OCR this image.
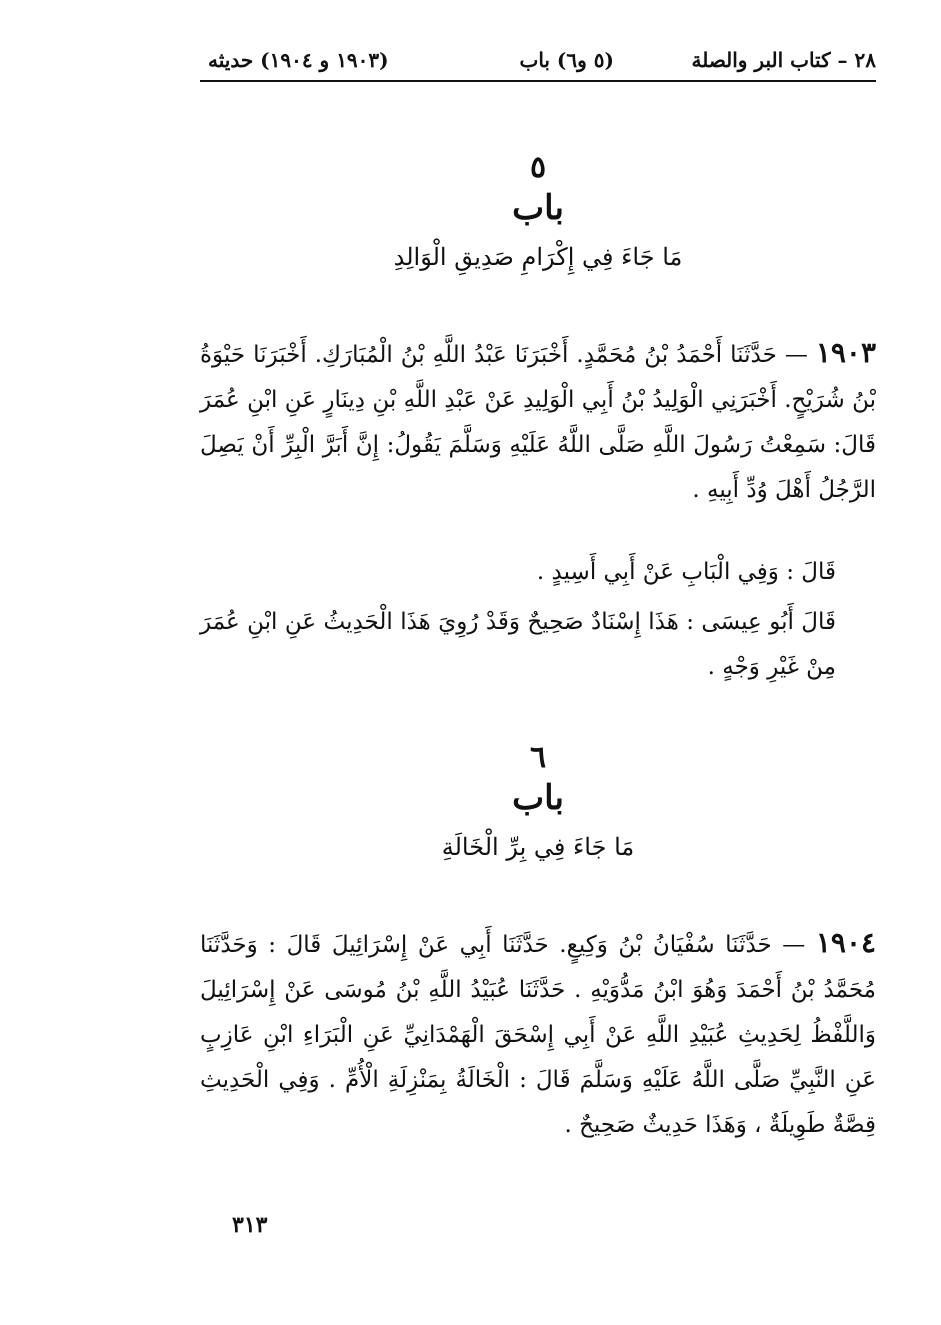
٢٨ – كتاب البر والصلة
(٥ و٦) باب
(١٩٠٣ و ١٩٠٤) حديثه
٥
باب
مَا جَاءَ فِي إِكْرَامِ صَدِيقِ الْوَالِدِ
١٩٠٣ — حَدَّثَنَا أَحْمَدُ بْنُ مُحَمَّدٍ. أَخْبَرَنَا عَبْدُ اللَّهِ بْنُ الْمُبَارَكِ. أَخْبَرَنَا حَيْوَةُ بْنُ شُرَيْحٍ. أَخْبَرَنِي الْوَلِيدُ بْنُ أَبِي الْوَلِيدِ عَنْ عَبْدِ اللَّهِ بْنِ دِينَارٍ عَنِ ابْنِ عُمَرَ قَالَ: سَمِعْتُ رَسُولَ اللَّهِ صَلَّى اللَّهُ عَلَيْهِ وَسَلَّمَ يَقُولُ: إِنَّ أَبَرَّ الْبِرِّ أَنْ يَصِلَ الرَّجُلُ أَهْلَ وُدِّ أَبِيهِ .
قَالَ : وَفِي الْبَابِ عَنْ أَبِي أَسِيدٍ .
قَالَ أَبُو عِيسَى : هَذَا إِسْنَادٌ صَحِيحٌ وَقَدْ رُوِيَ هَذَا الْحَدِيثُ عَنِ ابْنِ عُمَرَ مِنْ غَيْرِ وَجْهٍ .
٦
باب
مَا جَاءَ فِي بِرِّ الْخَالَةِ
١٩٠٤ — حَدَّثَنَا سُفْيَانُ بْنُ وَكِيعٍ. حَدَّثَنَا أَبِي عَنْ إِسْرَائِيلَ قَالَ : وَحَدَّثَنَا مُحَمَّدُ بْنُ أَحْمَدَ وَهُوَ ابْنُ مَدُّوَيْهِ . حَدَّثَنَا عُبَيْدُ اللَّهِ بْنُ مُوسَى عَنْ إِسْرَائِيلَ وَاللَّفْظُ لِحَدِيثِ عُبَيْدِ اللَّهِ عَنْ أَبِي إِسْحَقَ الْهَمْدَانِيِّ عَنِ الْبَرَاءِ ابْنِ عَازِبٍ عَنِ النَّبِيِّ صَلَّى اللَّهُ عَلَيْهِ وَسَلَّمَ قَالَ : الْخَالَةُ بِمَنْزِلَةِ الْأُمِّ . وَفِي الْحَدِيثِ قِصَّةٌ طَوِيلَةٌ ، وَهَذَا حَدِيثٌ صَحِيحٌ .
٣١٣
